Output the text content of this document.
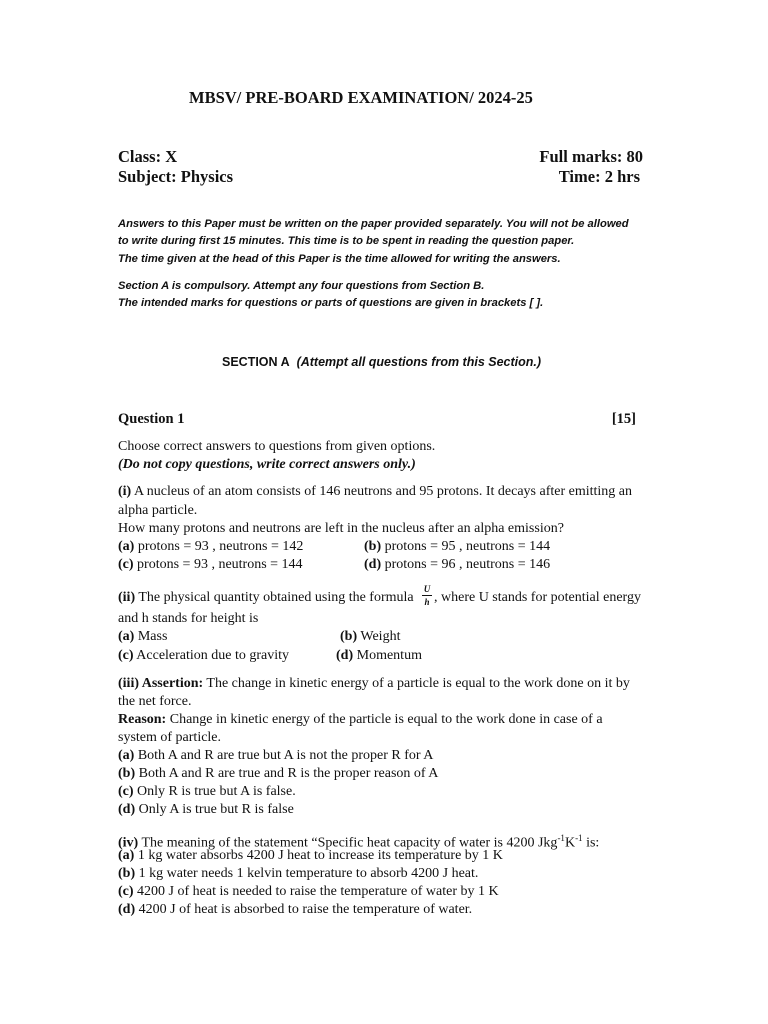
MBSV/ PRE-BOARD EXAMINATION/ 2024-25
Class: X
Subject: Physics
Full marks: 80
Time: 2 hrs
Answers to this Paper must be written on the paper provided separately. You will not be allowed
to write during first 15 minutes. This time is to be spent in reading the question paper.
The time given at the head of this Paper is the time allowed for writing the answers.
Section A is compulsory. Attempt any four questions from Section B.
The intended marks for questions or parts of questions are given in brackets [ ].
SECTION A (Attempt all questions from this Section.)
Question 1	[15]
Choose correct answers to questions from given options.
(Do not copy questions, write correct answers only.)
(i) A nucleus of an atom consists of 146 neutrons and 95 protons. It decays after emitting an
alpha particle.
How many protons and neutrons are left in the nucleus after an alpha emission?
(a) protons = 93 , neutrons = 142	(b) protons = 95 , neutrons = 144
(c) protons = 93 , neutrons = 144	(d) protons = 96 , neutrons = 146
(ii) The physical quantity obtained using the formula
U
h , where U stands for potential energy
and h stands for height is
(a) Mass	(b) Weight
(c) Acceleration due to gravity	(d) Momentum
(iii) Assertion: The change in kinetic energy of a particle is equal to the work done on it by
the net force.
Reason: Change in kinetic energy of the particle is equal to the work done in case of a
system of particle.
(a) Both A and R are true but A is not the proper R for A
(b) Both A and R are true and R is the proper reason of A
(c) Only R is true but A is false.
(d) Only A is true but R is false
(iv) The meaning of the statement “Specific heat capacity of water is 4200 $Jkg^{-1}K^{-1}$ is:
(a) 1 kg water absorbs 4200 J heat to increase its temperature by 1 K
(b) 1 kg water needs 1 kelvin temperature to absorb 4200 J heat.
(c) 4200 J of heat is needed to raise the temperature of water by 1 K
(d) 4200 J of heat is absorbed to raise the temperature of water.
